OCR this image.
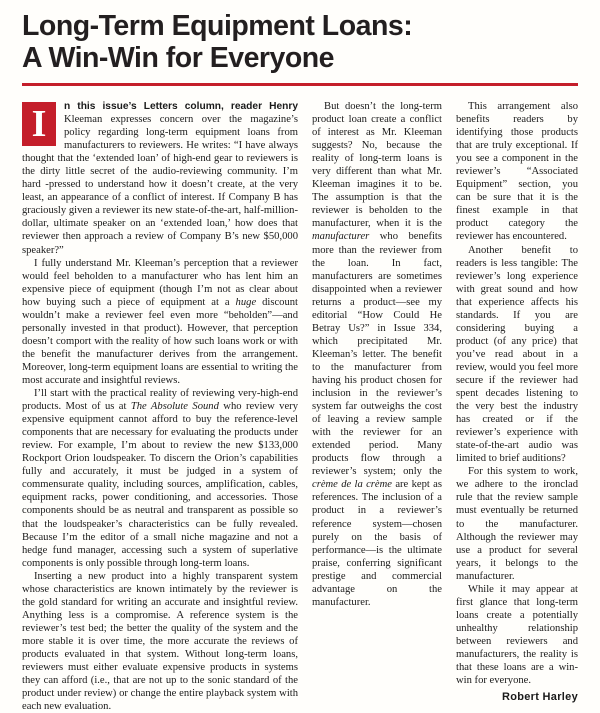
Long-Term Equipment Loans:
A Win-Win for Everyone

I	n this issue’s Letters column, reader Henry Kleeman expresses concern over the magazine’s policy regarding long-term equipment loans from manufacturers to reviewers. He writes: “I have always thought that the ‘extended loan’ of high-end gear to reviewers is the dirty little secret of the audio-reviewing community. I’m hard -pressed to understand how it doesn’t create, at the very least, an appearance of a conflict of interest. If Company B has graciously given a reviewer its new state-of-the-art, half-million-dollar, ultimate speaker on an ‘extended loan,’ how does that reviewer then approach a review of Company B’s new $50,000 speaker?”

I fully understand Mr. Kleeman’s perception that a reviewer would feel beholden to a manufacturer who has lent him an expensive piece of equipment (though I’m not as clear about how buying such a piece of equipment at a huge discount wouldn’t make a reviewer feel even more “beholden”—and personally invested in that product). However, that perception doesn’t comport with the reality of how such loans work or with the benefit the manufacturer derives from the arrangement. Moreover, long-term equipment loans are essential to writing the most accurate and insightful reviews.

I’ll start with the practical reality of reviewing very-high-end products. Most of us at The Absolute Sound who review very expensive equipment cannot afford to buy the reference-level components that are necessary for evaluating the products under review. For example, I’m about to review the new $133,000 Rockport Orion loudspeaker. To discern the Orion’s capabilities fully and accurately, it must be judged in a system of commensurate quality, including sources, amplification, cables, equipment racks, power conditioning, and accessories. Those components should be as neutral and transparent as possible so that the loudspeaker’s characteristics can be fully revealed. Because I’m the editor of a small niche magazine and not a hedge fund manager, accessing such a system of superlative components is only possible through long-term loans.

Inserting a new product into a highly transparent system whose characteristics are known intimately by the reviewer is the gold standard for writing an accurate and insightful review. Anything less is a compromise. A reference system is the reviewer’s test bed; the better the quality of the system and the more stable it is over time, the more accurate the reviews of products evaluated in that system. Without long-term loans, reviewers must either evaluate expensive products in systems they can afford (i.e., that are not up to the sonic standard of the product under review) or change the entire playback system with each new evaluation.

But doesn’t the long-term product loan create a conflict of interest as Mr. Kleeman suggests? No, because the reality of long-term loans is very different than what Mr. Kleeman imagines it to be. The assumption is that the reviewer is beholden to the manufacturer, when it is the manufacturer who benefits more than the reviewer from the loan. In fact, manufacturers are sometimes disappointed when a reviewer returns a product—see my editorial “How Could He Betray Us?” in Issue 334, which precipitated Mr. Kleeman’s letter. The benefit to the manufacturer from having his product chosen for inclusion in the reviewer’s system far outweighs the cost of leaving a review sample with the reviewer for an extended period. Many products flow through a reviewer’s system; only the crème de la crème are kept as references. The inclusion of a product in a reviewer’s reference system—chosen purely on the basis of performance—is the ultimate praise, conferring significant prestige and commercial advantage on the manufacturer.

This arrangement also benefits readers by identifying those products that are truly exceptional. If you see a component in the reviewer’s “Associated Equipment” section, you can be sure that it is the finest example in that product category the reviewer has encountered.

Another benefit to readers is less tangible: The reviewer’s long experience with great sound and how that experience affects his standards. If you are considering buying a product (of any price) that you’ve read about in a review, would you feel more secure if the reviewer had spent decades listening to the very best the industry has created or if the reviewer’s experience with state-of-the-art audio was limited to brief auditions?

For this system to work, we adhere to the ironclad rule that the review sample must eventually be returned to the manufacturer. Although the reviewer may use a product for several years, it belongs to the manufacturer.

While it may appear at first glance that long-term loans create a potentially unhealthy relationship between reviewers and manufacturers, the reality is that these loans are a win-win for everyone.

Robert Harley
